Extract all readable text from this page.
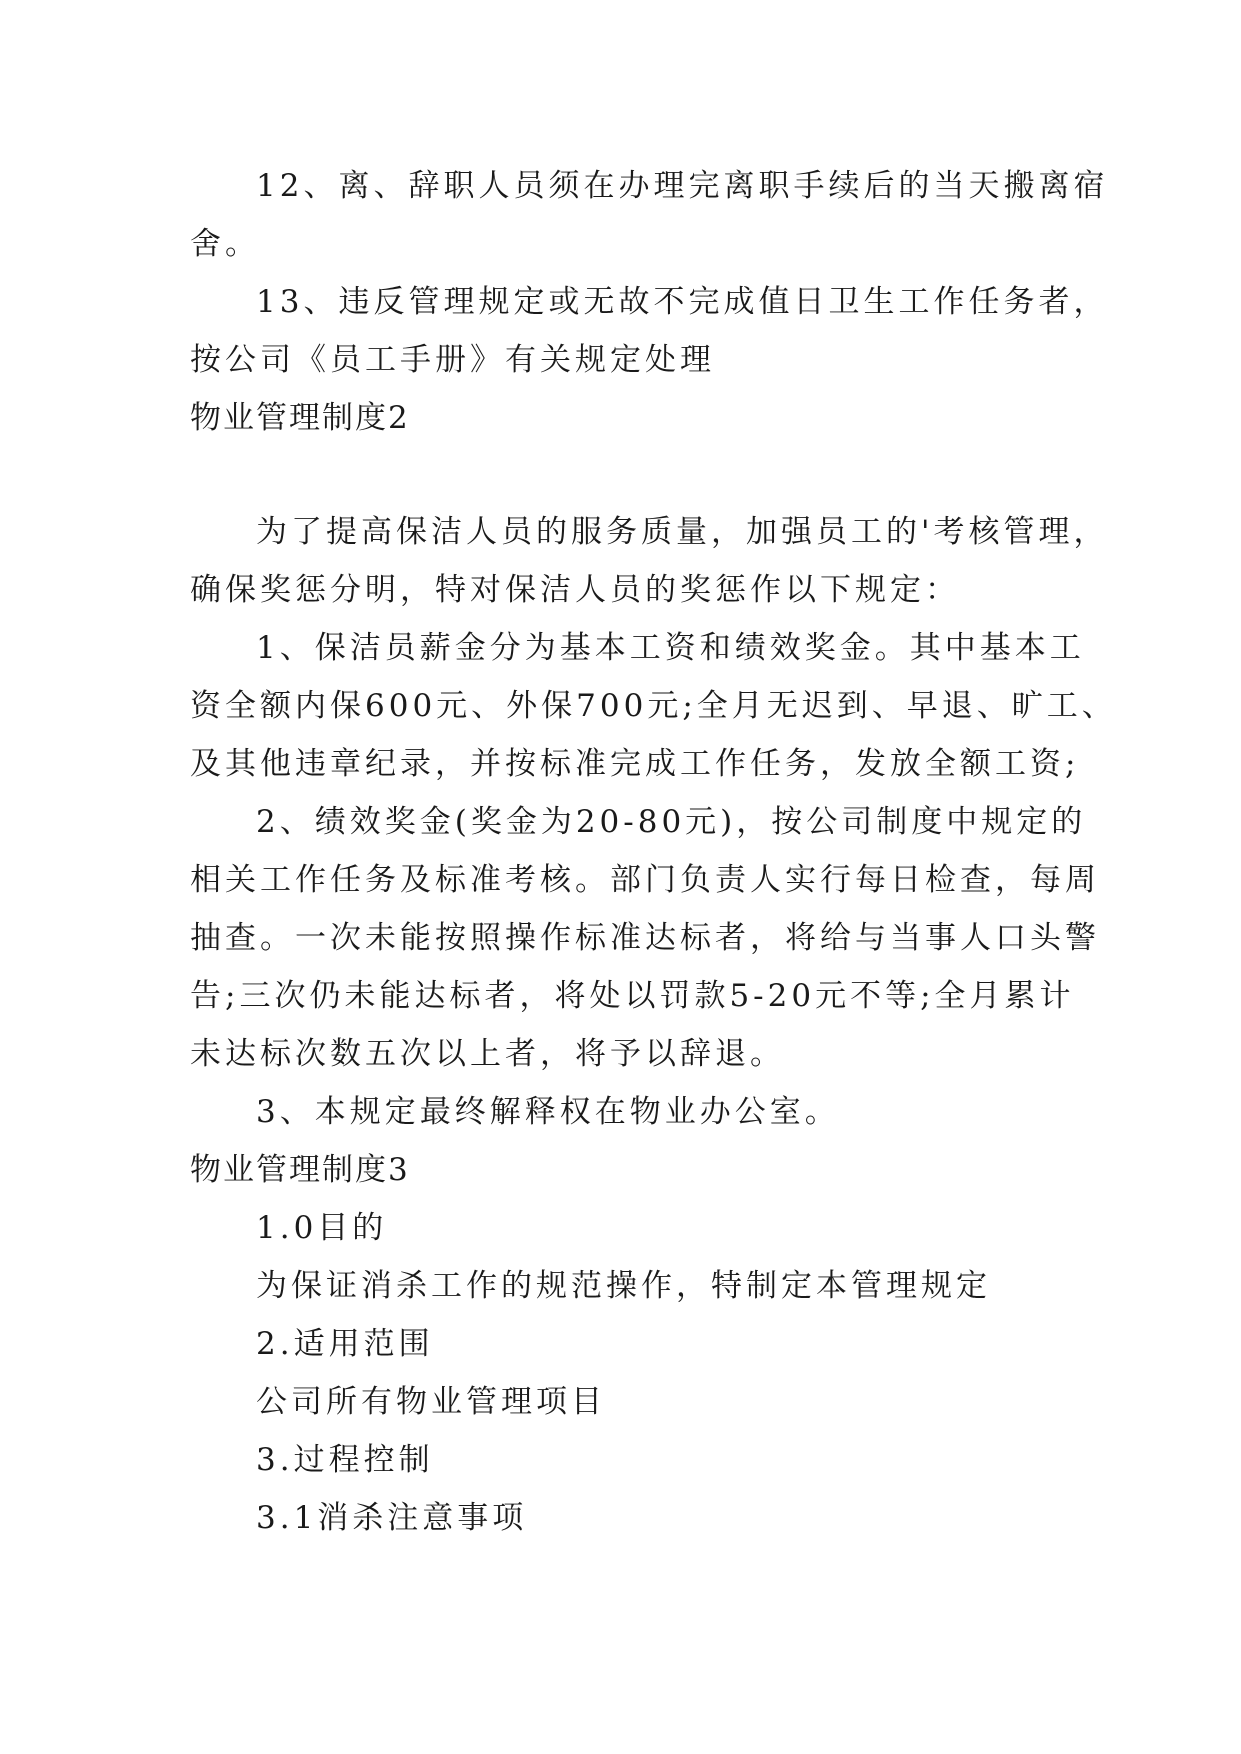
12、离、辞职人员须在办理完离职手续后的当天搬离宿

舍。

13、违反管理规定或无故不完成值日卫生工作任务者，

按公司《员工手册》有关规定处理

物业管理制度2

为了提高保洁人员的服务质量，加强员工的'考核管理，

确保奖惩分明，特对保洁人员的奖惩作以下规定：

1、保洁员薪金分为基本工资和绩效奖金。其中基本工

资全额内保600元、外保700元;全月无迟到、早退、旷工、

及其他违章纪录，并按标准完成工作任务，发放全额工资;

2、绩效奖金(奖金为20-80元)，按公司制度中规定的

相关工作任务及标准考核。部门负责人实行每日检查，每周

抽查。一次未能按照操作标准达标者，将给与当事人口头警

告;三次仍未能达标者，将处以罚款5-20元不等;全月累计

未达标次数五次以上者，将予以辞退。

3、本规定最终解释权在物业办公室。

物业管理制度3

1.0目的

为保证消杀工作的规范操作，特制定本管理规定

2.适用范围

公司所有物业管理项目

3.过程控制

3.1消杀注意事项
